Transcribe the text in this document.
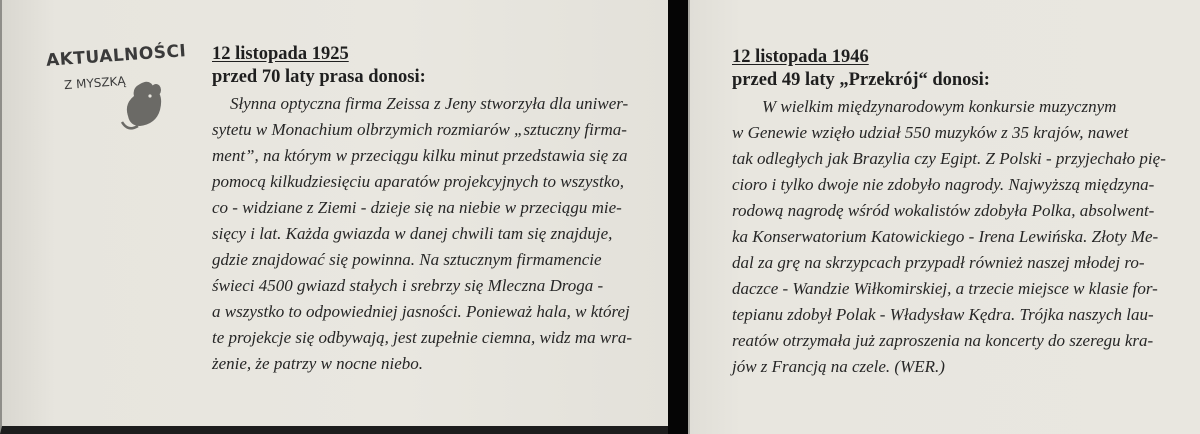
AKTUALNOŚCI
Z MYSZKĄ
12 listopada 1925
przed 70 laty prasa donosi:
Słynna optyczna firma Zeissa z Jeny stworzyła dla uniwer-
sytetu w Monachium olbrzymich rozmiarów „sztuczny firma-
ment”, na którym w przeciągu kilku minut przedstawia się za
pomocą kilkudziesięciu aparatów projekcyjnych to wszystko,
co - widziane z Ziemi - dzieje się na niebie w przeciągu mie-
sięcy i lat. Każda gwiazda w danej chwili tam się znajduje,
gdzie znajdować się powinna. Na sztucznym firmamencie
świeci 4500 gwiazd stałych i srebrzy się Mleczna Droga -
a wszystko to odpowiedniej jasności. Ponieważ hala, w której
te projekcje się odbywają, jest zupełnie ciemna, widz ma wra-
żenie, że patrzy w nocne niebo.
12 listopada 1946
przed 49 laty „Przekrój“ donosi:
W wielkim międzynarodowym konkursie muzycznym
w Genewie wzięło udział 550 muzyków z 35 krajów, nawet
tak odległych jak Brazylia czy Egipt. Z Polski - przyjechało pię-
cioro i tylko dwoje nie zdobyło nagrody. Najwyższą międzyna-
rodową nagrodę wśród wokalistów zdobyła Polka, absolwent-
ka Konserwatorium Katowickiego - Irena Lewińska. Złoty Me-
dal za grę na skrzypcach przypadł również naszej młodej ro-
daczce - Wandzie Wiłkomirskiej, a trzecie miejsce w klasie for-
tepianu zdobył Polak - Władysław Kędra. Trójka naszych lau-
reatów otrzymała już zaproszenia na koncerty do szeregu kra-
jów z Francją na czele. (WER.)
